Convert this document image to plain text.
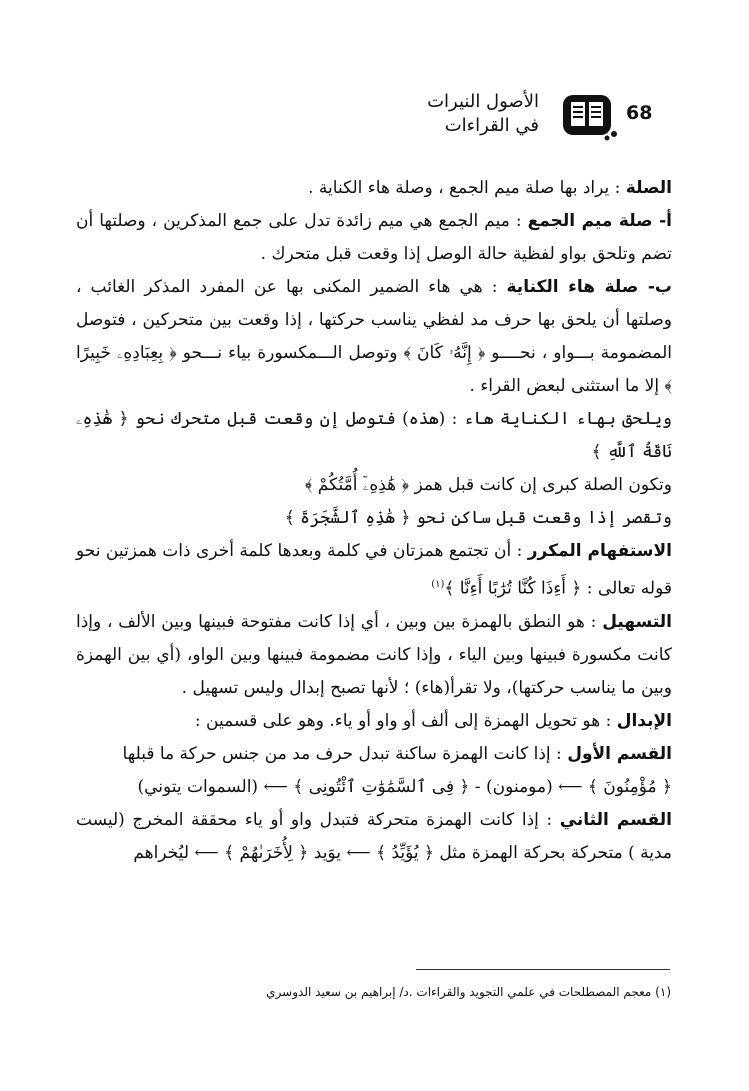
68
الأصول النيرات
في القراءات

الصلة : يراد بها صلة ميم الجمع ، وصلة هاء الكناية .

أ- صلة ميم الجمع : ميم الجمع هي ميم زائدة تدل على جمع المذكرين ، وصلتها أن تضم وتلحق بواو لفظية حالة الوصل إذا وقعت قبل متحرك .

ب- صلة هاء الكناية : هي هاء الضمير المكنى بها عن المفرد المذكر الغائب ، وصلتها أن يلحق بها حرف مد لفظي يناسب حركتها ، إذا وقعت بين متحركين ، فتوصل المضمومة بـــواو ، نحــــو ﴿ إِنَّهُۥ كَانَ ﴾ وتوصل الـــمكسورة بياء نـــحو ﴿ بِعِبَادِهِۦ خَبِيرًا ﴾ إلا ما استثنى لبعض القراء .

ويلحق بهاء الكناية هاء : (هذه) فتوصل إن وقعت قبل متحرك نحو ﴿ هَٰذِهِۦ نَاقَةُ ٱللَّهِ ﴾

وتكون الصلة كبرى إن كانت قبل همز ﴿ هَٰذِهِۦٓ أُمَّتُكُمْ ﴾

وتقصر إذا وقعت قبل ساكن نحو ﴿ هَٰذِهِ ٱلشَّجَرَةَ ﴾

الاستفهام المكرر : أن تجتمع همزتان في كلمة وبعدها كلمة أخرى ذات همزتين نحو قوله تعالى : ﴿ أَءِذَا كُنَّا تُرَٰبًا أَءِنَّا ﴾$^{(١)}$

التسهيل : هو النطق بالهمزة بين وبين ، أي إذا كانت مفتوحة فبينها وبين الألف ، وإذا كانت مكسورة فبينها وبين الياء ، وإذا كانت مضمومة فبينها وبين الواو، (أي بين الهمزة وبين ما يناسب حركتها)، ولا تقرأ(هاء) ؛ لأنها تصبح إبدال وليس تسهيل .

الإبدال : هو تحويل الهمزة إلى ألف أو واو أو ياء. وهو على قسمين :

القسم الأول : إذا كانت الهمزة ساكنة تبدل حرف مد من جنس حركة ما قبلها

﴿ مُؤْمِنُونَ ﴾ ⟵ (مومنون) - ﴿ فِى ٱلسَّمَٰوَٰتِ ٱئْتُونِى ﴾ ⟵ (السموات يتوني)

القسم الثاني : إذا كانت الهمزة متحركة فتبدل واو أو ياء محققة المخرج (ليست مدية ) متحركة بحركة الهمزة مثل ﴿ يُؤَيِّدُ ﴾ ⟵ يوَيد ﴿ لِأُخَرَىٰهُمْ ﴾ ⟵ ليُخراهم

(١) معجم المصطلحات في علمي التجويد والقراءات .د/ إبراهيم بن سعيد الدوسري
